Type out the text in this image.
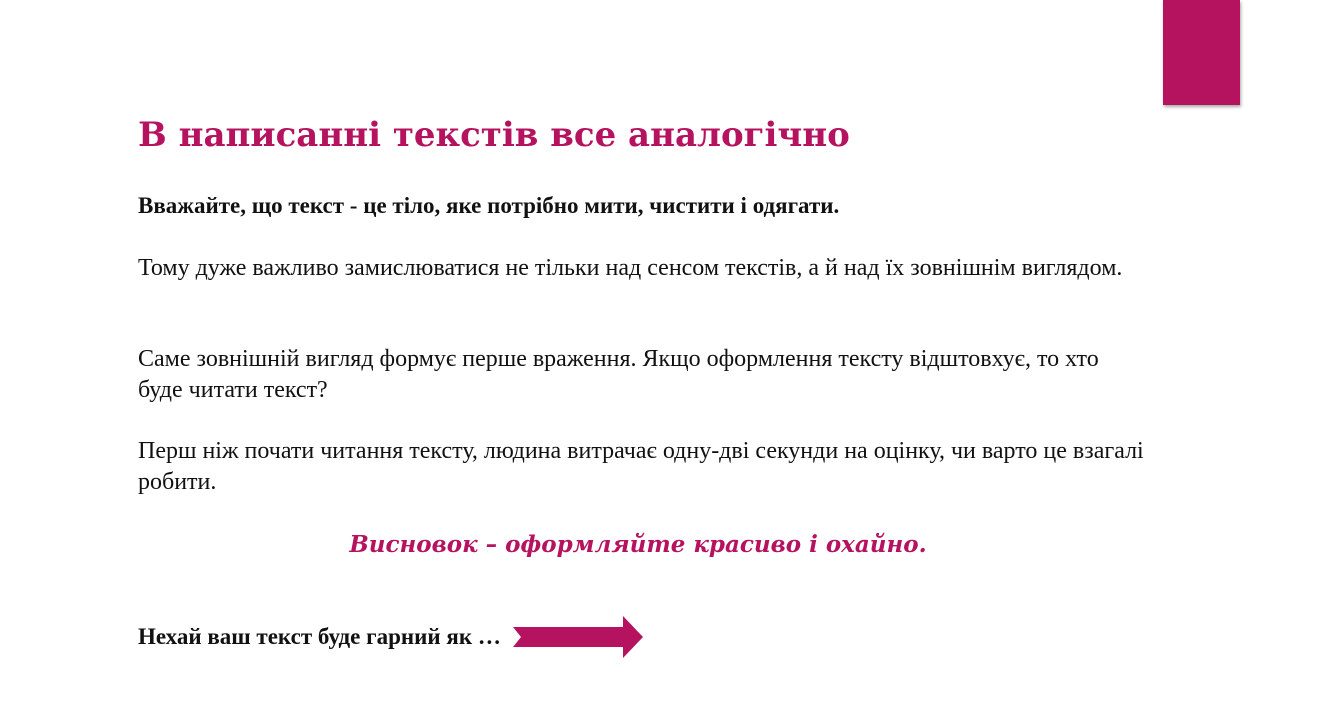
В написанні текстів все аналогічно

Вважайте, що текст - це тіло, яке потрібно мити, чистити і одягати.

Тому дуже важливо замислюватися не тільки над сенсом текстів, а й над їх зовнішнім виглядом.

Саме зовнішній вигляд формує перше враження. Якщо оформлення тексту відштовхує, то хто буде читати текст?

Перш ніж почати читання тексту, людина витрачає одну-дві секунди на оцінку, чи варто це взагалі робити.

Висновок – оформляйте красиво і охайно.

Нехай ваш текст буде гарний як …
